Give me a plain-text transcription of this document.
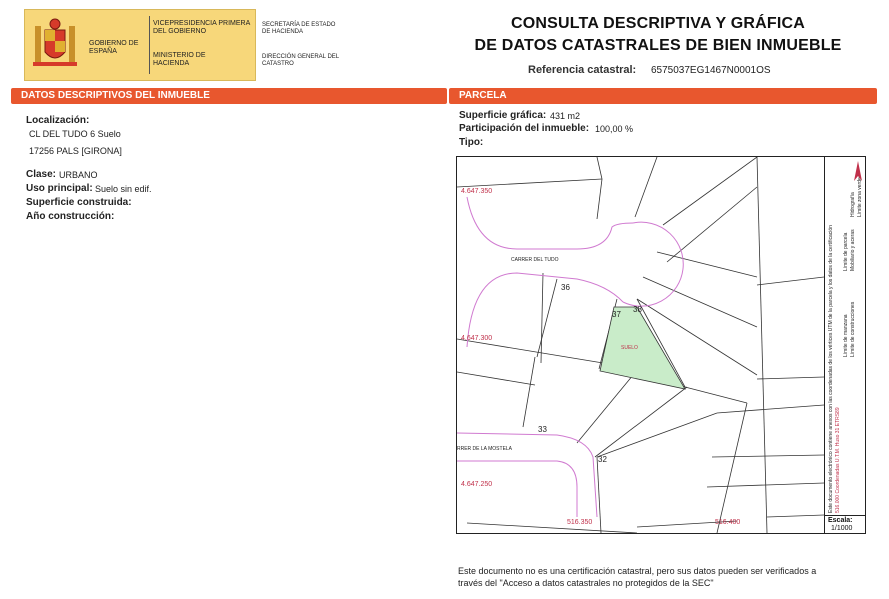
GOBIERNO DE ESPAÑA
VICEPRESIDENCIA PRIMERA DEL GOBIERNO
MINISTERIO DE HACIENDA
SECRETARÍA DE ESTADO DE HACIENDA
DIRECCIÓN GENERAL DEL CATASTRO
CONSULTA DESCRIPTIVA Y GRÁFICA
DE DATOS CATASTRALES DE BIEN INMUEBLE
Referencia catastral: 6575037EG1467N0001OS
DATOS DESCRIPTIVOS DEL INMUEBLE	PARCELA
Localización:
CL DEL TUDO 6 Suelo
17256 PALS [GIRONA]
Clase: URBANO
Uso principal: Suelo sin edif.
Superficie construida:
Año construcción:
Superficie gráfica: 431 m2
Participación del inmueble: 100,00 %
Tipo:
4.647.350
4.647.300
4.647.250
516.350	516.400
CARRER DEL TUDO
RRER DE LA MOSTELA
36
37
38
33
32
SUELO	Este documento electrónico contiene anexos con las coordenadas de los vértices UTM de la parcela y los datos de la certificación 516.000 Coordenadas U.T.M. Huso 31 ETRS89
Límite de manzana Límite de construcciones
Límite de parcela Mobiliario y aceras
Hidrografía Límite zona verde
Escala:
1/1000
Este documento no es una certificación catastral, pero sus datos pueden ser verificados a
través del "Acceso a datos catastrales no protegidos de la SEC"
